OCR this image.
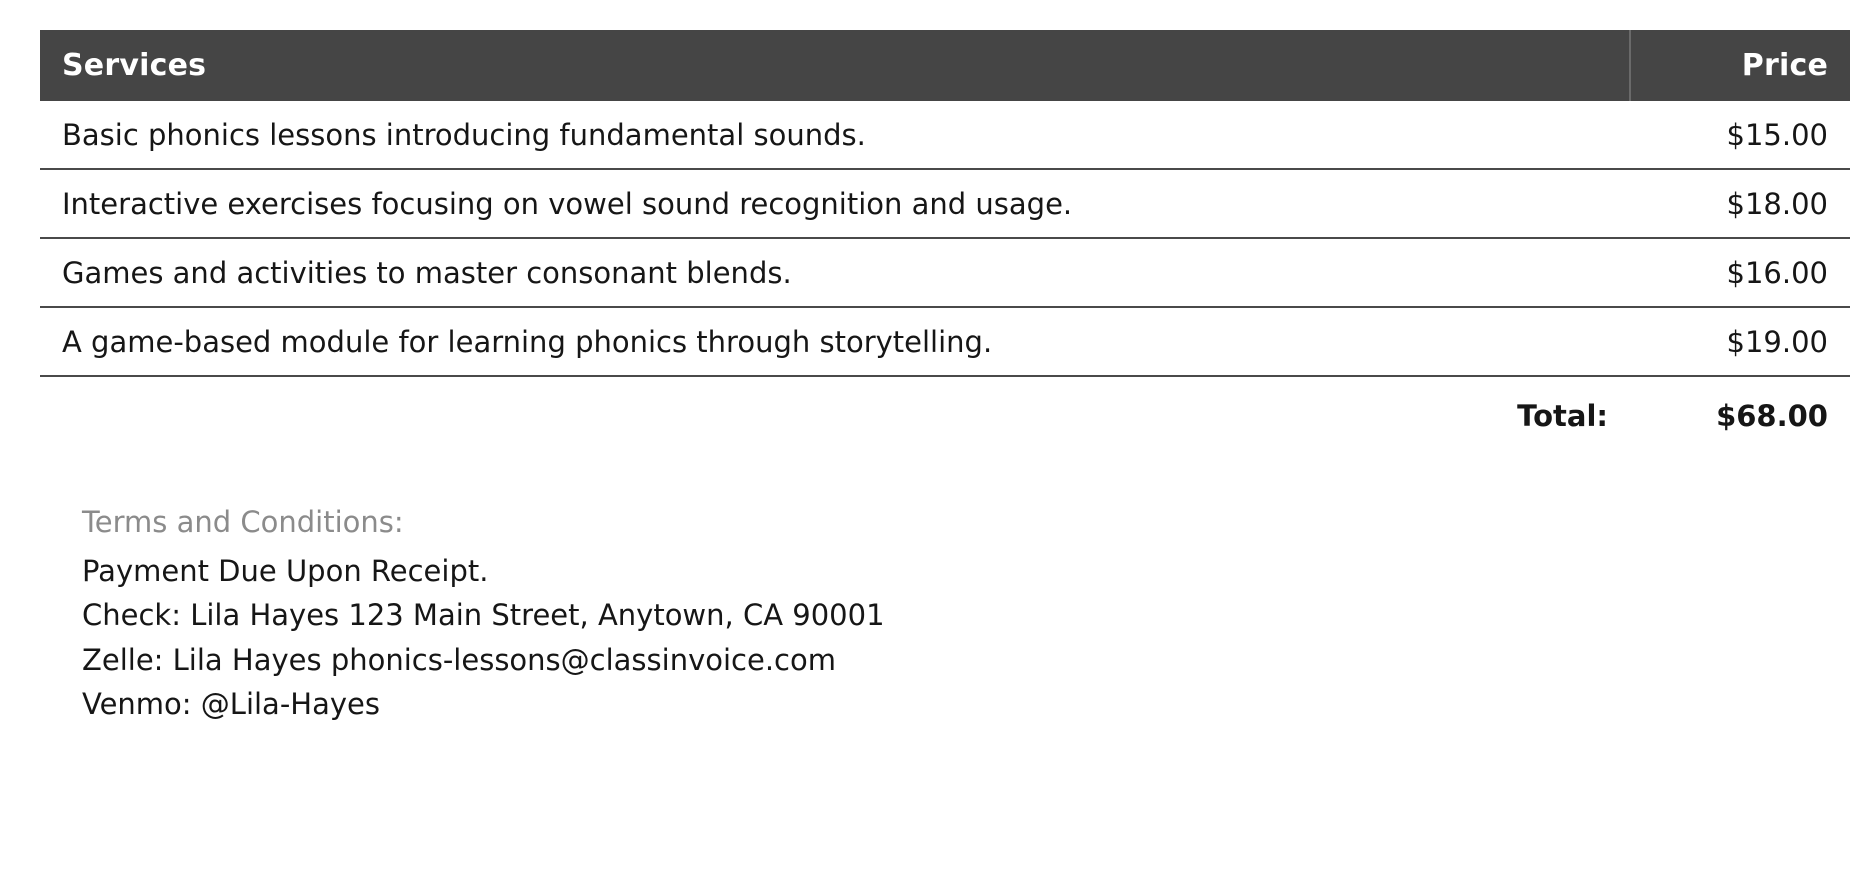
Services	Price
Basic phonics lessons introducing fundamental sounds.	$15.00
Interactive exercises focusing on vowel sound recognition and usage.	$18.00
Games and activities to master consonant blends.	$16.00
A game-based module for learning phonics through storytelling.	$19.00
Total:	$68.00
Terms and Conditions:
Payment Due Upon Receipt.
Check: Lila Hayes 123 Main Street, Anytown, CA 90001
Zelle: Lila Hayes phonics-lessons@classinvoice.com
Venmo: @Lila-Hayes
